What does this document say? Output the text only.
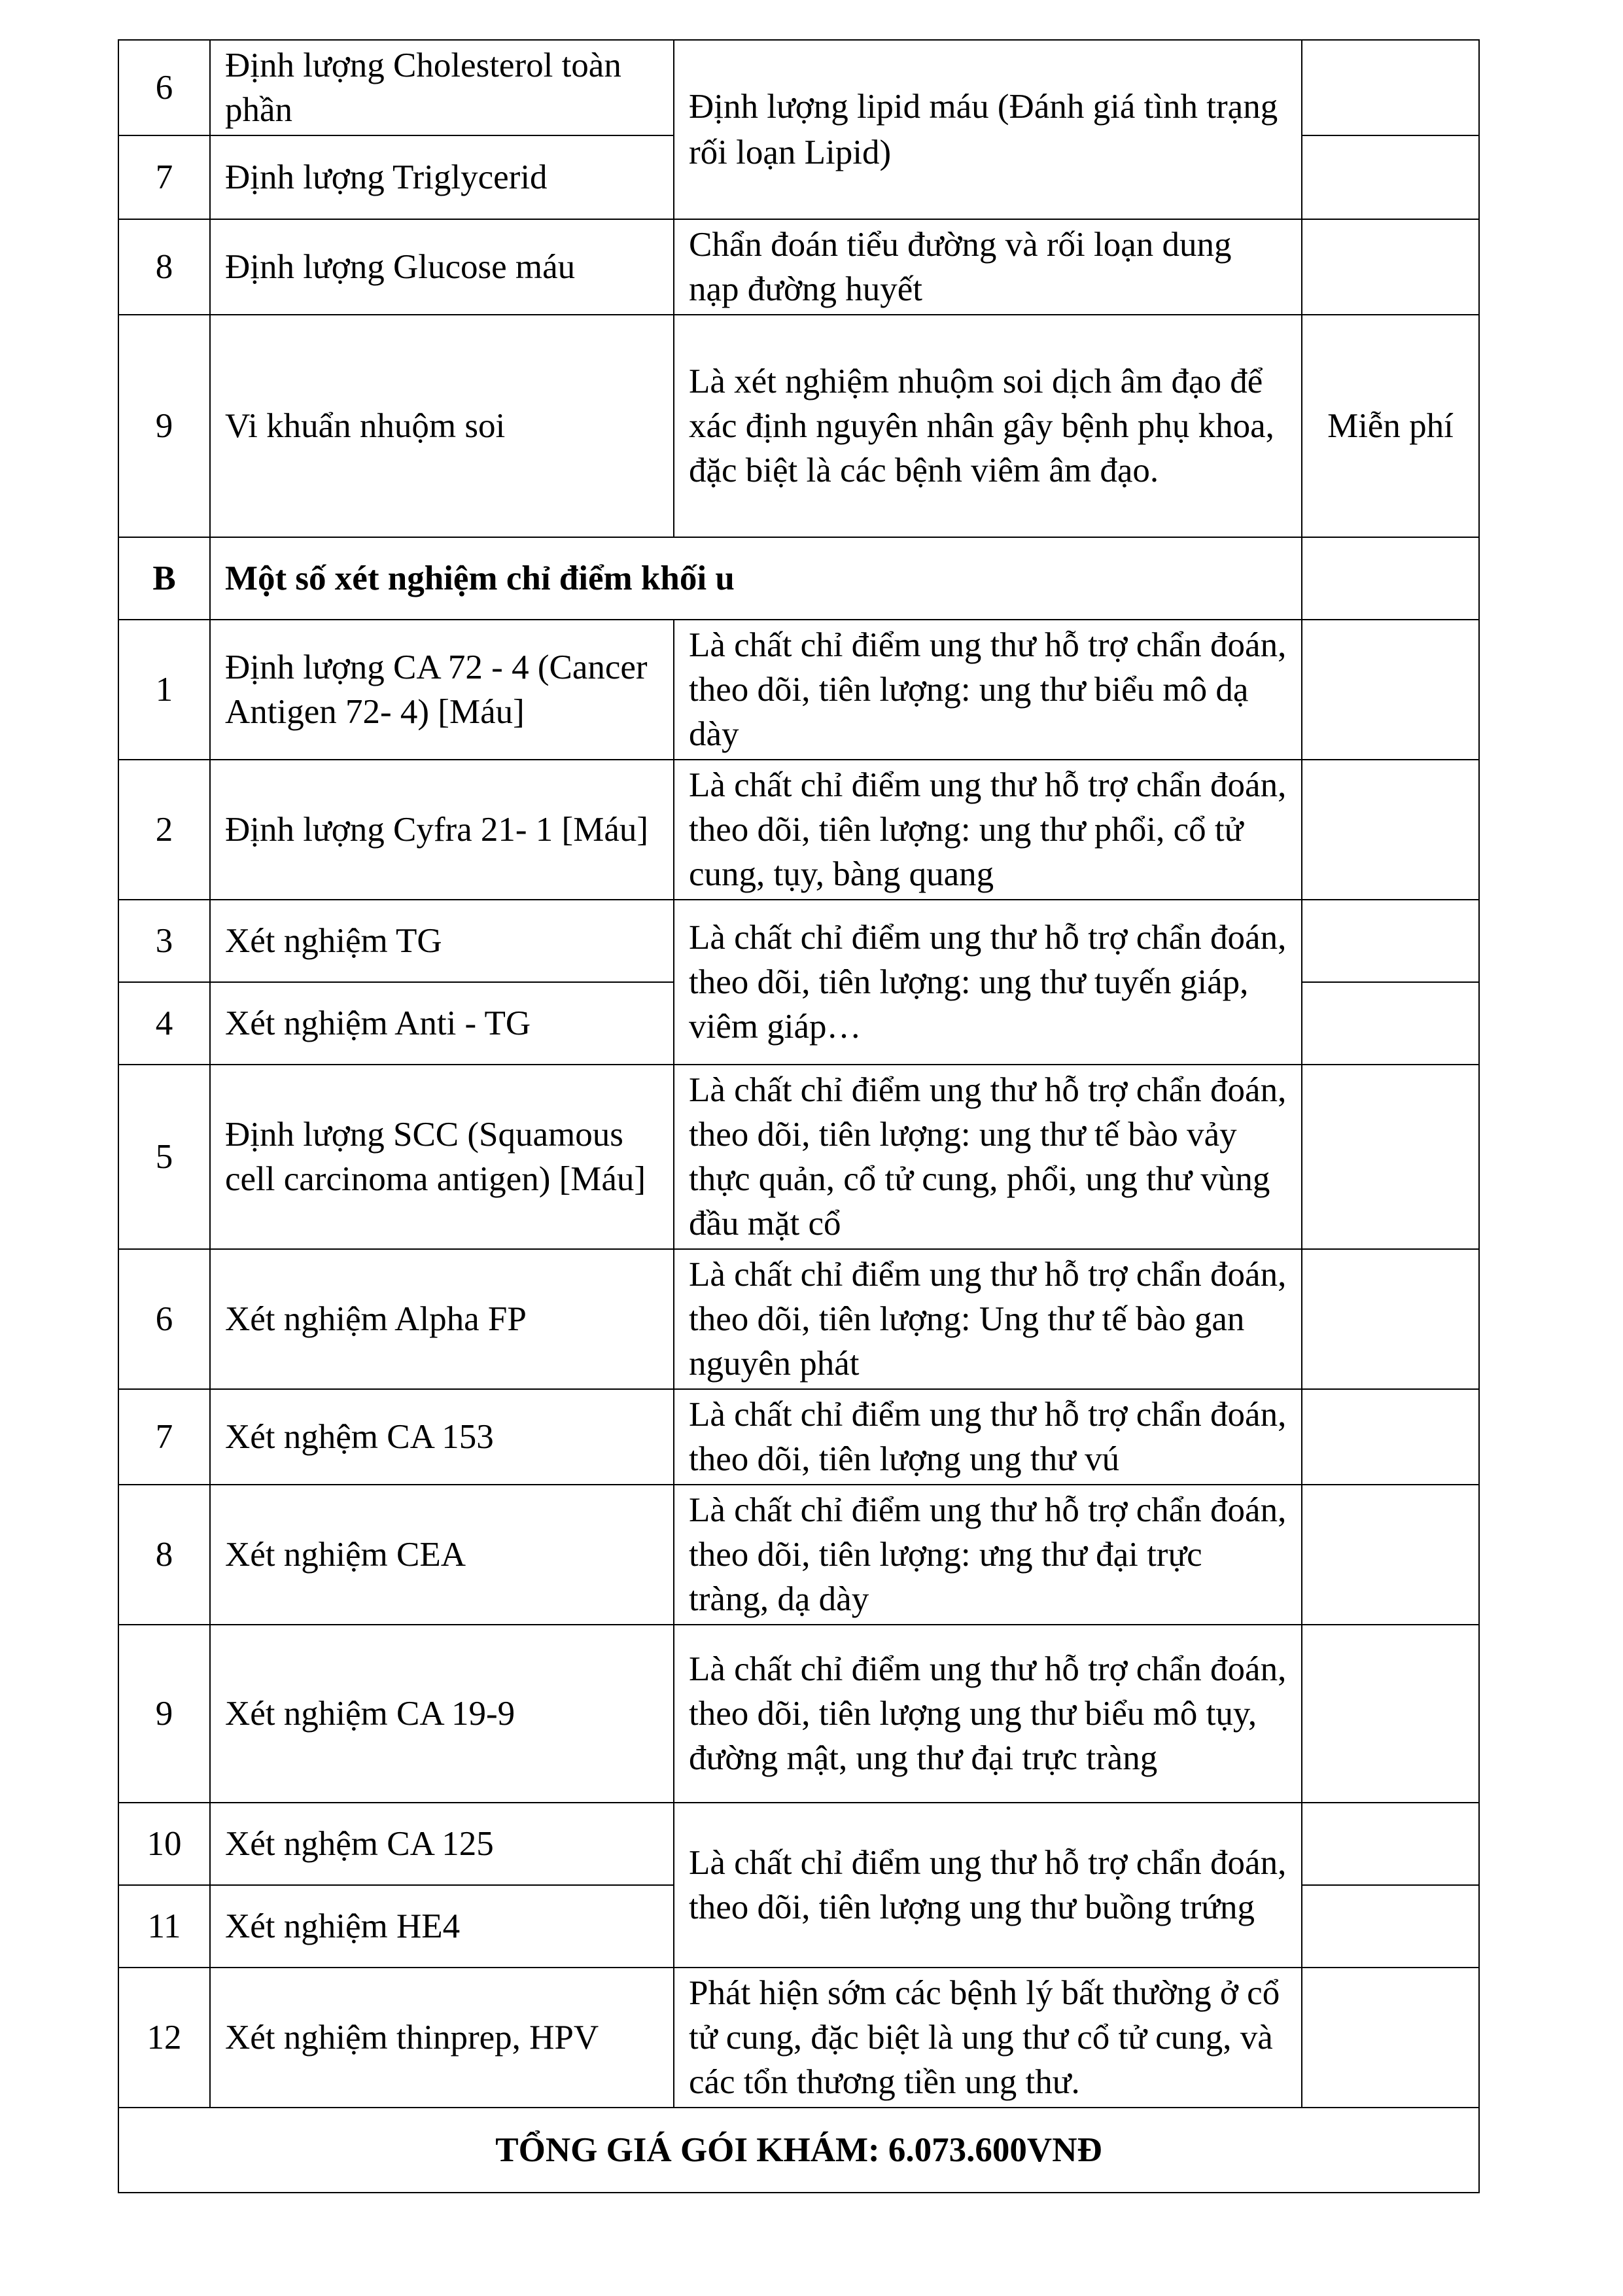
6	Định lượng Cholesterol toàn phần	Định lượng lipid máu (Đánh giá tình trạng rối loạn Lipid)	
7	Định lượng Triglycerid		
8	Định lượng Glucose máu	Chẩn đoán tiểu đường và rối loạn dung nạp đường huyết	
9	Vi khuẩn nhuộm soi	Là xét nghiệm nhuộm soi dịch âm đạo để xác định nguyên nhân gây bệnh phụ khoa, đặc biệt là các bệnh viêm âm đạo.	Miễn phí
B	Một số xét nghiệm chỉ điểm khối u		
1	Định lượng CA 72 - 4 (Cancer Antigen 72- 4) [Máu]	Là chất chỉ điểm ung thư hỗ trợ chẩn đoán, theo dõi, tiên lượng: ung thư biểu mô dạ dày	
2	Định lượng Cyfra 21- 1 [Máu]	Là chất chỉ điểm ung thư hỗ trợ chẩn đoán, theo dõi, tiên lượng: ung thư phổi, cổ tử cung, tụy, bàng quang	
3	Xét nghiệm TG	Là chất chỉ điểm ung thư hỗ trợ chẩn đoán, theo dõi, tiên lượng: ung thư tuyến giáp, viêm giáp…	
4	Xét nghiệm Anti - TG		
5	Định lượng SCC (Squamous cell carcinoma antigen) [Máu]	Là chất chỉ điểm ung thư hỗ trợ chẩn đoán, theo dõi, tiên lượng: ung thư tế bào vảy thực quản, cổ tử cung, phổi, ung thư vùng đầu mặt cổ	
6	Xét nghiệm Alpha FP	Là chất chỉ điểm ung thư hỗ trợ chẩn đoán, theo dõi, tiên lượng: Ung thư tế bào gan nguyên phát	
7	Xét nghệm CA 153	Là chất chỉ điểm ung thư hỗ trợ chẩn đoán, theo dõi, tiên lượng ung thư vú	
8	Xét nghiệm CEA	Là chất chỉ điểm ung thư hỗ trợ chẩn đoán, theo dõi, tiên lượng: ưng thư đại trực tràng, dạ dày	
9	Xét nghiệm CA 19-9	Là chất chỉ điểm ung thư hỗ trợ chẩn đoán, theo dõi, tiên lượng ung thư biểu mô tụy, đường mật, ung thư đại trực tràng	
10	Xét nghệm CA 125	Là chất chỉ điểm ung thư hỗ trợ chẩn đoán, theo dõi, tiên lượng ung thư buồng trứng	
11	Xét nghiệm HE4		
12	Xét nghiệm thinprep, HPV	Phát hiện sớm các bệnh lý bất thường ở cổ tử cung, đặc biệt là ung thư cổ tử cung, và các tổn thương tiền ung thư.	
TỔNG GIÁ GÓI KHÁM: 6.073.600VNĐ			
